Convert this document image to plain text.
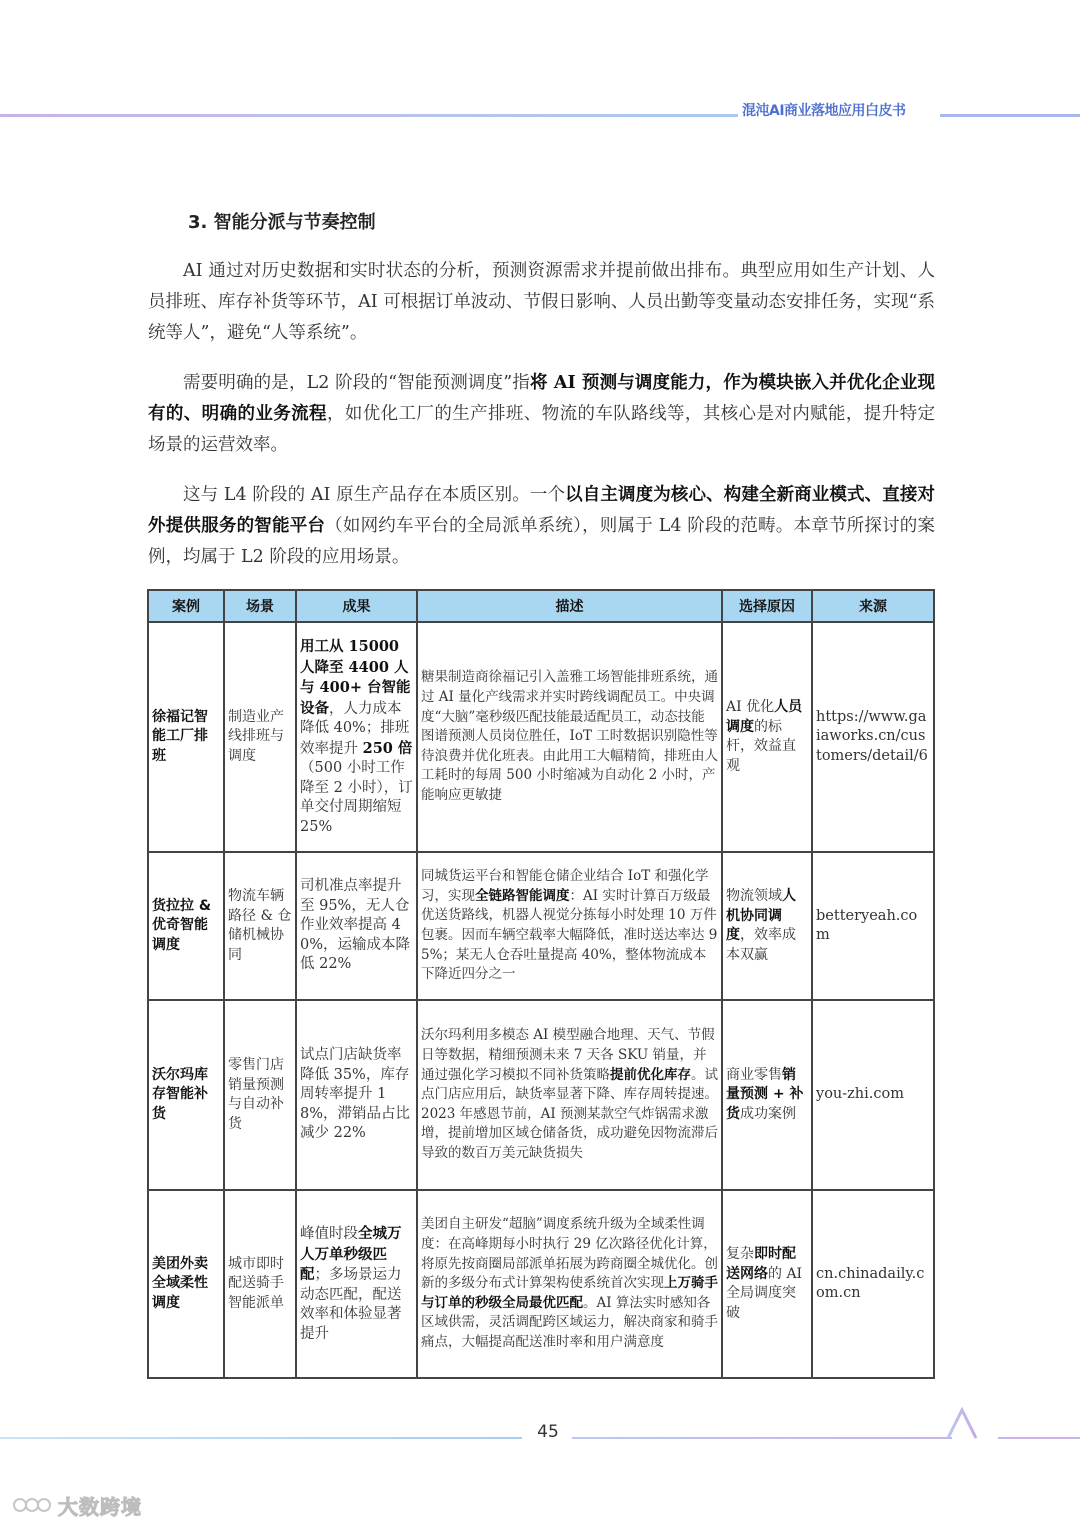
混沌AI商业落地应用白皮书
3. 智能分派与节奏控制

AI 通过对历史数据和实时状态的分析，预测资源需求并提前做出排布。典型应用如生产计划、人员排班、库存补货等环节，AI 可根据订单波动、节假日影响、人员出勤等变量动态安排任务，实现“系统等人”，避免“人等系统”。

需要明确的是，L2 阶段的“智能预测调度”指将 AI 预测与调度能力，作为模块嵌入并优化企业现有的、明确的业务流程，如优化工厂的生产排班、物流的车队路线等，其核心是对内赋能，提升特定场景的运营效率。

这与 L4 阶段的 AI 原生产品存在本质区别。一个以自主调度为核心、构建全新商业模式、直接对外提供服务的智能平台（如网约车平台的全局派单系统），则属于 L4 阶段的范畴。本章节所探讨的案例，均属于 L2 阶段的应用场景。

案例	场景	成果	描述	选择原因	来源
徐福记智能工厂排班	制造业产线排班与调度	用工从 15000 人降至 4400 人与 400+ 台智能设备，人力成本降低 40%；排班效率提升 250 倍（500 小时工作降至 2 小时），订单交付周期缩短 25%	糖果制造商徐福记引入盖雅工场智能排班系统，通过 AI 量化产线需求并实时跨线调配员工。中央调度“大脑”毫秒级匹配技能最适配员工，动态技能图谱预测人员岗位胜任，IoT 工时数据识别隐性等待浪费并优化班表。由此用工大幅精简，排班由人工耗时的每周 500 小时缩减为自动化 2 小时，产能响应更敏捷	AI 优化人员调度的标杆，效益直观	https://www.gaiaworks.cn/customers/detail/6
货拉拉 & 优奇智能调度	物流车辆路径 & 仓储机械协同	司机准点率提升至 95%，无人仓作业效率提高 40%，运输成本降低 22%	同城货运平台和智能仓储企业结合 IoT 和强化学习，实现全链路智能调度：AI 实时计算百万级最优送货路线，机器人视觉分拣每小时处理 10 万件包裹。因而车辆空载率大幅降低，准时送达率达 95%；某无人仓吞吐量提高 40%，整体物流成本下降近四分之一	物流领域人机协同调度，效率成本双赢	betteryeah.com
沃尔玛库存智能补货	零售门店销量预测与自动补货	试点门店缺货率降低 35%，库存周转率提升 18%，滞销品占比减少 22%	沃尔玛利用多模态 AI 模型融合地理、天气、节假日等数据，精细预测未来 7 天各 SKU 销量，并通过强化学习模拟不同补货策略提前优化库存。试点门店应用后，缺货率显著下降、库存周转提速。2023 年感恩节前，AI 预测某款空气炸锅需求激增，提前增加区域仓储备货，成功避免因物流滞后导致的数百万美元缺货损失	商业零售销量预测 + 补货成功案例	you-zhi.com
美团外卖全域柔性调度	城市即时配送骑手智能派单	峰值时段全城万人万单秒级匹配；多场景运力动态匹配，配送效率和体验显著提升	美团自主研发“超脑”调度系统升级为全域柔性调度：在高峰期每小时执行 29 亿次路径优化计算，将原先按商圈局部派单拓展为跨商圈全城优化。创新的多级分布式计算架构使系统首次实现上万骑手与订单的秒级全局最优匹配。AI 算法实时感知各区域供需，灵活调配跨区域运力，解决商家和骑手痛点，大幅提高配送准时率和用户满意度	复杂即时配送网络的 AI 全局调度突破	cn.chinadaily.com.cn
45
大数跨境
